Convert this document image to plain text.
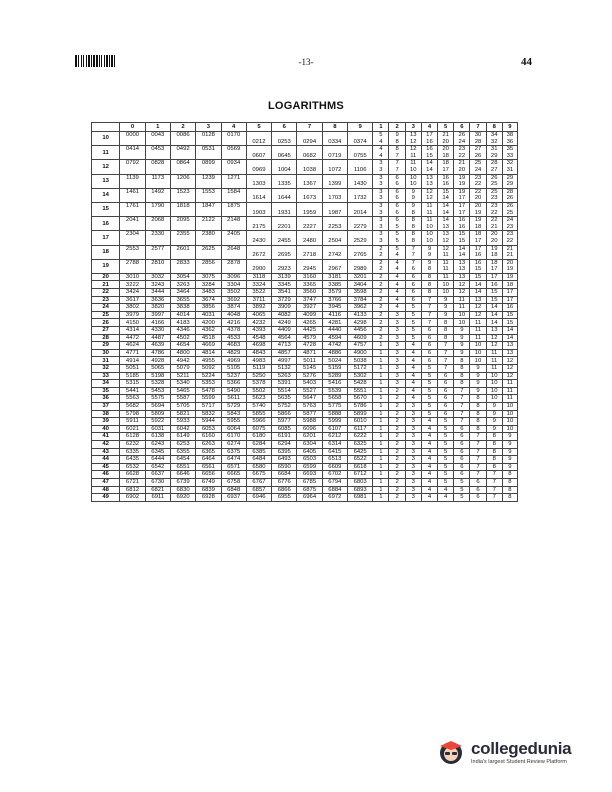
-13-	44
LOGARITHMS
	0	1	2	3	4	5	6	7	8	9	1	2	3	4	5	6	7	8	9
10	0000	0043	0086	0128	0170						5	9	13	17	21	26	30	34	38
						0212	0253	0294	0334	0374	4	8	12	16	20	24	28	32	36
11	0414	0453	0492	0531	0569						4	8	12	16	20	23	27	31	35
						0607	0645	0682	0719	0755	4	7	11	15	18	22	26	29	33
12	0792	0828	0864	0899	0934						3	7	11	14	18	21	25	28	32
						0969	1004	1038	1072	1106	3	7	10	14	17	20	24	27	31
13	1139	1173	1206	1239	1271						3	6	10	13	16	19	23	26	29
						1303	1335	1367	1399	1430	3	6	10	13	16	19	22	25	29
14	1461	1492	1523	1553	1584						3	6	9	12	15	19	22	25	28
						1614	1644	1673	1703	1732	3	6	9	12	14	17	20	23	26
15	1761	1790	1818	1847	1875						3	6	9	11	14	17	20	23	26
						1903	1931	1959	1987	2014	3	6	8	11	14	17	19	22	25
16	2041	2068	2095	2122	2148						3	6	8	11	14	16	19	22	24
						2175	2201	2227	2253	2279	3	5	8	10	13	16	18	21	23
17	2304	2330	2355	2380	2405						3	5	8	10	13	15	18	20	23
						2430	2455	2480	2504	2529	3	5	8	10	12	15	17	20	22
18	2553	2577	2601	2625	2648						2	5	7	9	12	14	17	19	21
						2672	2695	2718	2742	2765	2	4	7	9	11	14	16	18	21
19	2788	2810	2833	2856	2878						2	4	7	9	11	13	16	18	20
						2900	2923	2945	2967	2989	2	4	6	8	11	13	15	17	19
20	3010	3032	3054	3075	3096	3118	3139	3160	3181	3201	2	4	6	8	11	13	15	17	19
21	3222	3243	3263	3284	3304	3324	3345	3365	3385	3404	2	4	6	8	10	12	14	16	18
22	3424	3444	3464	3483	3502	3522	3541	3560	3579	3598	2	4	6	8	10	12	14	15	17
23	3617	3636	3655	3674	3692	3711	3729	3747	3766	3784	2	4	6	7	9	11	13	15	17
24	3802	3820	3838	3856	3874	3892	3909	3927	3945	3962	2	4	5	7	9	11	12	14	16
25	3979	3997	4014	4031	4048	4065	4082	4099	4116	4133	2	3	5	7	9	10	12	14	15
26	4150	4166	4183	4200	4216	4232	4249	4265	4281	4298	2	3	5	7	8	10	11	14	15
27	4314	4330	4346	4362	4378	4393	4409	4425	4440	4456	2	3	5	6	8	9	11	13	14
28	4472	4487	4502	4518	4533	4548	4564	4579	4594	4609	2	3	5	6	8	9	11	12	14
29	4624	4639	4654	4669	4683	4698	4713	4728	4742	4757	1	3	4	6	7	9	10	12	13
30	4771	4786	4800	4814	4829	4843	4857	4871	4886	4900	1	3	4	6	7	9	10	11	13
31	4914	4928	4942	4955	4969	4983	4997	5011	5024	5038	1	3	4	6	7	8	10	11	12
32	5051	5065	5079	5092	5105	5119	5132	5145	5159	5172	1	3	4	5	7	8	9	11	12
33	5185	5198	5211	5224	5237	5250	5263	5276	5289	5302	1	3	4	5	6	8	9	10	12
34	5315	5328	5340	5353	5366	5378	5391	5403	5416	5428	1	3	4	5	6	8	9	10	11
35	5441	5453	5465	5478	5490	5502	5514	5527	5539	5551	1	2	4	5	6	7	9	10	11
36	5563	5575	5587	5599	5611	5623	5635	5647	5658	5670	1	2	4	5	6	7	8	10	11
37	5682	5694	5705	5717	5729	5740	5752	5763	5775	5786	1	2	3	5	6	7	8	9	10
38	5798	5809	5821	5832	5843	5855	5866	5877	5888	5899	1	2	3	5	6	7	8	9	10
39	5911	5922	5933	5944	5955	5966	5977	5988	5999	6010	1	2	3	4	5	7	8	9	10
40	6021	6031	6042	6053	6064	6075	6085	6096	6107	6117	1	2	3	4	5	6	8	9	10
41	6128	6138	6149	6160	6170	6180	6191	6201	6212	6222	1	2	3	4	5	6	7	8	9
42	6232	6243	6253	6263	6274	6284	6294	6304	6314	6325	1	2	3	4	5	6	7	8	9
43	6335	6345	6355	6365	6375	6385	6395	6405	6415	6425	1	2	3	4	5	6	7	8	9
44	6435	6444	6454	6464	6474	6484	6493	6503	6513	6522	1	2	3	4	5	6	7	8	9
45	6532	6542	6551	6561	6571	6580	6590	6599	6609	6618	1	2	3	4	5	6	7	8	9
46	6628	6637	6646	6656	6665	6675	6684	6693	6702	6712	1	2	3	4	5	6	7	7	8
47	6721	6730	6739	6749	6758	6767	6776	6785	6794	6803	1	2	3	4	5	5	6	7	8
48	6812	6821	6830	6839	6848	6857	6866	6875	6884	6893	1	2	3	4	4	5	6	7	8
49	6902	6911	6920	6928	6937	6946	6955	6964	6972	6981	1	2	3	4	4	5	6	7	8
collegedunia
India's largest Student Review Platform
